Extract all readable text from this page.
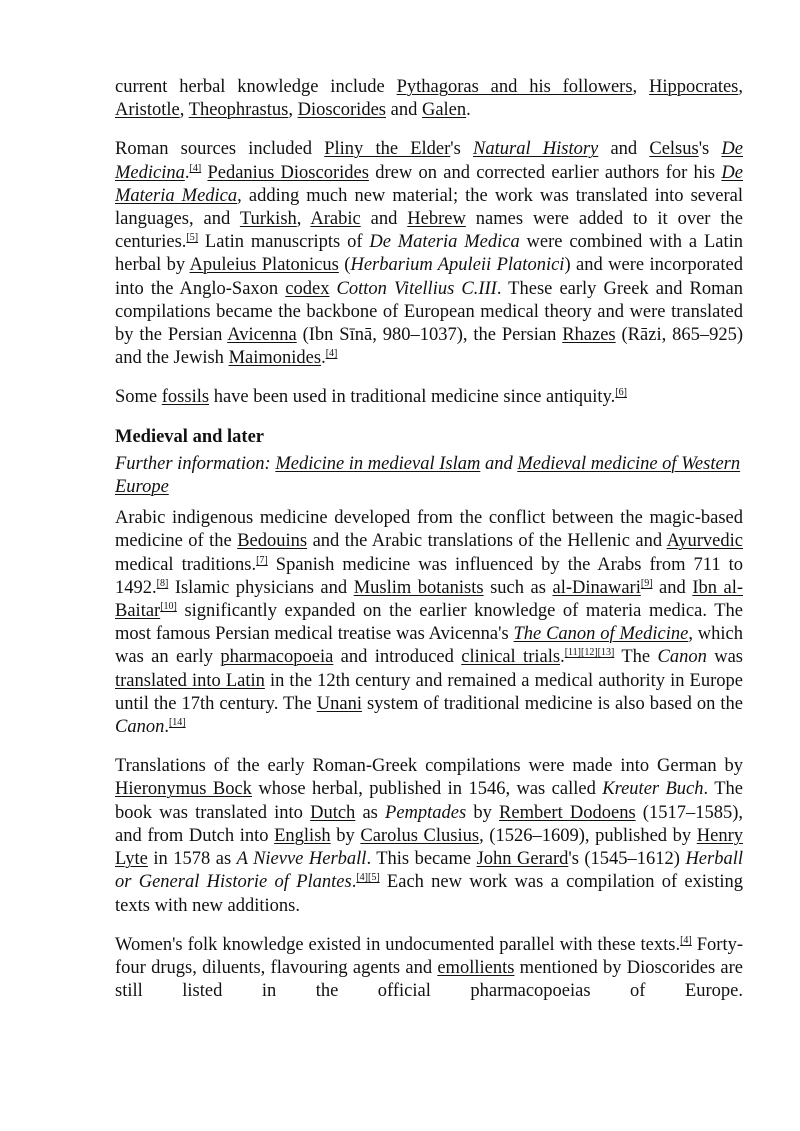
current herbal knowledge include Pythagoras and his followers, Hippocrates, Aristotle, Theophrastus, Dioscorides and Galen.

Roman sources included Pliny the Elder's Natural History and Celsus's De Medicina.[4] Pedanius Dioscorides drew on and corrected earlier authors for his De Materia Medica, adding much new material; the work was translated into several languages, and Turkish, Arabic and Hebrew names were added to it over the centuries.[5] Latin manuscripts of De Materia Medica were combined with a Latin herbal by Apuleius Platonicus (Herbarium Apuleii Platonici) and were incorporated into the Anglo-Saxon codex Cotton Vitellius C.III. These early Greek and Roman compilations became the backbone of European medical theory and were translated by the Persian Avicenna (Ibn Sīnā, 980–1037), the Persian Rhazes (Rāzi, 865–925) and the Jewish Maimonides.[4]

Some fossils have been used in traditional medicine since antiquity.[6]

Medieval and later
Further information: Medicine in medieval Islam and Medieval medicine of Western Europe

Arabic indigenous medicine developed from the conflict between the magic-based medicine of the Bedouins and the Arabic translations of the Hellenic and Ayurvedic medical traditions.[7] Spanish medicine was influenced by the Arabs from 711 to 1492.[8] Islamic physicians and Muslim botanists such as al-Dinawari[9] and Ibn al-Baitar[10] significantly expanded on the earlier knowledge of materia medica. The most famous Persian medical treatise was Avicenna's The Canon of Medicine, which was an early pharmacopoeia and introduced clinical trials.[11][12][13] The Canon was translated into Latin in the 12th century and remained a medical authority in Europe until the 17th century. The Unani system of traditional medicine is also based on the Canon.[14]

Translations of the early Roman-Greek compilations were made into German by Hieronymus Bock whose herbal, published in 1546, was called Kreuter Buch. The book was translated into Dutch as Pemptades by Rembert Dodoens (1517–1585), and from Dutch into English by Carolus Clusius, (1526–1609), published by Henry Lyte in 1578 as A Nievve Herball. This became John Gerard's (1545–1612) Herball or General Historie of Plantes.[4][5] Each new work was a compilation of existing texts with new additions.

Women's folk knowledge existed in undocumented parallel with these texts.[4] Forty-four drugs, diluents, flavouring agents and emollients mentioned by Dioscorides are still listed in the official pharmacopoeias of Europe.
